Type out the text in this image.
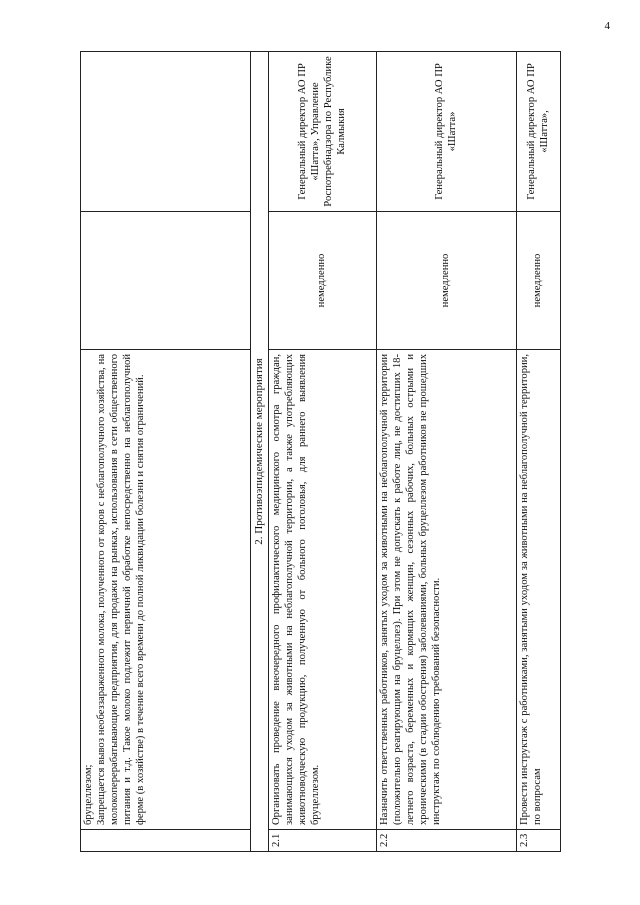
4

	бруцеллезом; Запрещается вывоз необеззараженного молока, полученного от коров с неблагополучного хозяйства, на молокоперерабатывающие предприятия, для продажи на рынках, использования в сети общественного питания и т.д. Такое молоко подлежит первичной обработке непосредственно на неблагополучной ферме (в хозяйстве) в течение всего времени до полной ликвидации болезни и снятия ограничений.		

2. Противоэпидемические мероприятия			
2.1	Организовать проведение внеочередного профилактического медицинского осмотра граждан, занимающихся уходом за животными на неблагополучной территории, а также употребляющих животноводческую продукцию, полученную от больного поголовья, для раннего выявления бруцеллезом.	немедленно	Генеральный директор АО ПР «Шатта», Управление Роспотребнадзора по Республике Калмыкия
2.2	Назначить ответственных работников, занятых уходом за животными на неблагополучной территории (положительно реагирующим на бруцеллез). При этом не допускать к работе лиц, не достигших 18-летнего возраста, беременных и кормящих женщин, сезонных рабочих, больных острыми и хроническими (в стадии обострения) заболеваниями, больных бруцеллезом работников не прошедших инструктаж по соблюдению требований безопасности.	немедленно	Генеральный директор АО ПР «Шатта»
2.3	Провести инструктаж с работниками, занятыми уходом за животными на неблагополучной территории, по вопросам	немедленно	Генеральный директор АО ПР «Шатта»,
